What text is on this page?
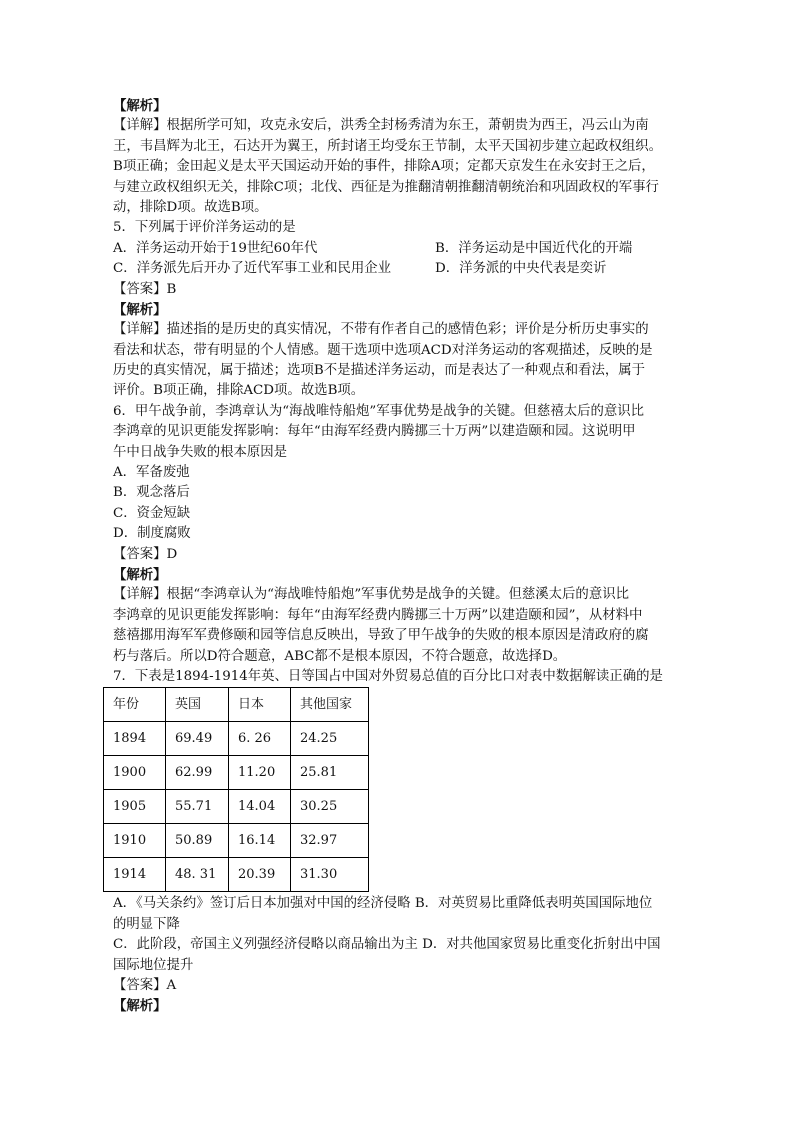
【解析】
【详解】根据所学可知，攻克永安后，洪秀全封杨秀清为东王，萧朝贵为西王，冯云山为南
王，韦昌辉为北王，石达开为翼王，所封诸王均受东王节制，太平天国初步建立起政权组织。
B项正确；金田起义是太平天国运动开始的事件，排除A项；定都天京发生在永安封王之后，
与建立政权组织无关，排除C项；北伐、西征是为推翻清朝推翻清朝统治和巩固政权的军事行
动，排除D项。故选B项。
5．下列属于评价洋务运动的是
A．洋务运动开始于19世纪60年代	B．洋务运动是中国近代化的开端
C．洋务派先后开办了近代军事工业和民用企业	D．洋务派的中央代表是奕䜣
【答案】B
【解析】
【详解】描述指的是历史的真实情况，不带有作者自己的感情色彩；评价是分析历史事实的
看法和状态，带有明显的个人情感。题干选项中选项ACD对洋务运动的客观描述，反映的是
历史的真实情况，属于描述；选项B不是描述洋务运动，而是表达了一种观点和看法，属于
评价。B项正确，排除ACD项。故选B项。
6．甲午战争前，李鸿章认为“海战唯恃船炮”军事优势是战争的关键。但慈禧太后的意识比
李鸿章的见识更能发挥影响：每年“由海军经费内腾挪三十万两”以建造颐和园。这说明甲
午中日战争失败的根本原因是
A．军备废弛
B．观念落后
C．资金短缺
D．制度腐败
【答案】D
【解析】
【详解】根据“李鸿章认为“海战唯恃船炮”军事优势是战争的关键。但慈溪太后的意识比
李鸿章的见识更能发挥影响：每年“由海军经费内腾挪三十万两”以建造颐和园”，从材料中
慈禧挪用海军军费修颐和园等信息反映出，导致了甲午战争的失败的根本原因是清政府的腐
朽与落后。所以D符合题意，ABC都不是根本原因，不符合题意，故选择D。
7．下表是1894-1914年英、日等国占中国对外贸易总值的百分比口对表中数据解读正确的是
年份	英国	日本	其他国家
1894	69.49	6. 26	24.25
1900	62.99	11.20	25.81
1905	55.71	14.04	30.25
1910	50.89	16.14	32.97
1914	48. 31	20.39	31.30
A．《马关条约》签订后日本加强对中国的经济侵略 B．对英贸易比重降低表明英国国际地位
的明显下降
C．此阶段，帝国主义列强经济侵略以商品输出为主 D．对共他国家贸易比重变化折射出中国
国际地位提升
【答案】A
【解析】
